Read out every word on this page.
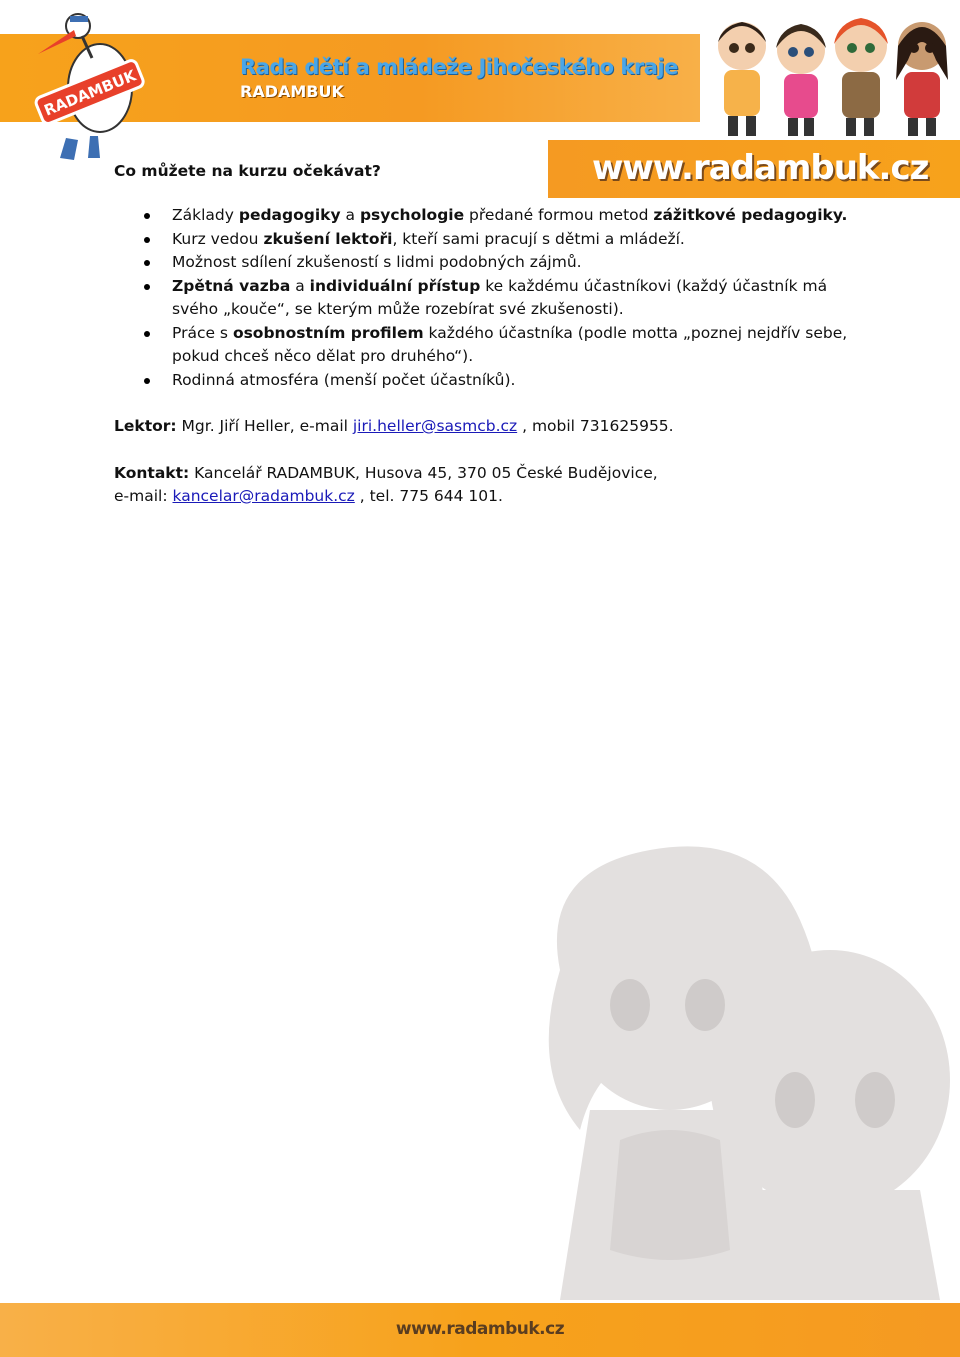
Rada dětí a mládeže Jihočeského kraje
RADAMBUK
RADAMBUK
www.radambuk.cz

Co můžete na kurzu očekávat?

Základy pedagogiky a psychologie předané formou metod zážitkové pedagogiky.
Kurz vedou zkušení lektoři, kteří sami pracují s dětmi a mládeží.
Možnost sdílení zkušeností s lidmi podobných zájmů.
Zpětná vazba a individuální přístup ke každému účastníkovi (každý účastník má svého „kouče“, se kterým může rozebírat své zkušenosti).
Práce s osobnostním profilem každého účastníka (podle motta „poznej nejdřív sebe, pokud chceš něco dělat pro druhého“).
Rodinná atmosféra (menší počet účastníků).
Lektor: Mgr. Jiří Heller, e-mail jiri.heller@sasmcb.cz , mobil 731625955.
Kontakt: Kancelář RADAMBUK, Husova 45, 370 05 České Budějovice,
e-mail: kancelar@radambuk.cz , tel. 775 644 101.
www.radambuk.cz
